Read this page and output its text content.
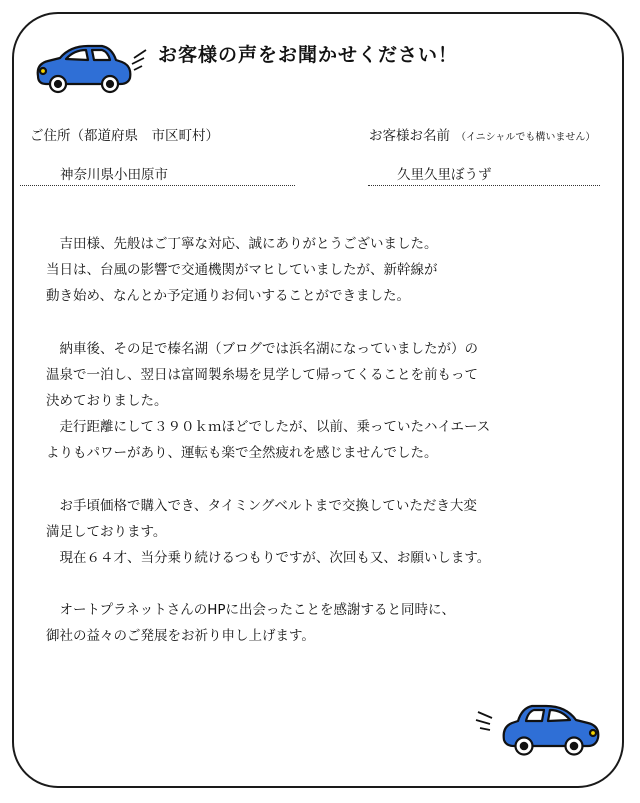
お客様の声をお聞かせください！
ご住所（都道府県　市区町村）	お客様お名前 （イニシャルでも構いません）
神奈川県小田原市	久里久里ぼうず
　吉田様、先般はご丁寧な対応、誠にありがとうございました。
当日は、台風の影響で交通機関がマヒしていましたが、新幹線が
動き始め、なんとか予定通りお伺いすることができました。
　納車後、その足で榛名湖（ブログでは浜名湖になっていましたが）の
温泉で一泊し、翌日は富岡製糸場を見学して帰ってくることを前もって
決めておりました。
　走行距離にして３９０ｋｍほどでしたが、以前、乗っていたハイエース
よりもパワーがあり、運転も楽で全然疲れを感じませんでした。
　お手頃価格で購入でき、タイミングベルトまで交換していただき大変
満足しております。
　現在６４才、当分乗り続けるつもりですが、次回も又、お願いします。
　オートプラネットさんのHPに出会ったことを感謝すると同時に、
御社の益々のご発展をお祈り申し上げます。
